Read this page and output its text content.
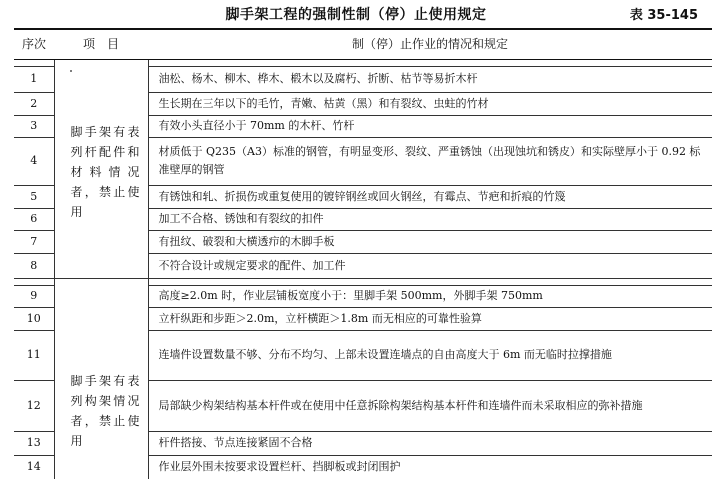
脚手架工程的强制性制（停）止使用规定	表 35-145
序次	项　目	制（停）止作业的情况和规定

1	脚手架有表列杆配件和材料情况者，禁止使用	油松、杨木、柳木、桦木、椴木以及腐朽、折断、枯节等易折木杆
2		生长期在三年以下的毛竹，青嫩、枯黄（黑）和有裂纹、虫蛀的竹材
3		有效小头直径小于 70mm 的木杆、竹杆
4		材质低于 Q235（A3）标准的钢管，有明显变形、裂纹、严重锈蚀（出现蚀坑和锈皮）和实际壁厚小于 0.92 标准壁厚的钢管
5		有锈蚀和轧、折损伤或重复使用的镀锌钢丝或回火钢丝，有霉点、节疤和折痕的竹篾
6		加工不合格、锈蚀和有裂纹的扣件
7		有扭纹、破裂和大横透疖的木脚手板
8		不符合设计或规定要求的配件、加工件

9	脚手架有表列构架情况者，禁止使用	高度≥2.0m 时，作业层铺板宽度小于：里脚手架 500mm，外脚手架 750mm
10		立杆纵距和步距＞2.0m，立杆横距＞1.8m 而无相应的可靠性验算
11		连墙件设置数量不够、分布不均匀、上部未设置连墙点的自由高度大于 6m 而无临时拉撑措施
12		局部缺少构架结构基本杆件或在使用中任意拆除构架结构基本杆件和连墙件而未采取相应的弥补措施
13		杆件搭接、节点连接紧固不合格
14		作业层外围未按要求设置栏杆、挡脚板或封闭围护
